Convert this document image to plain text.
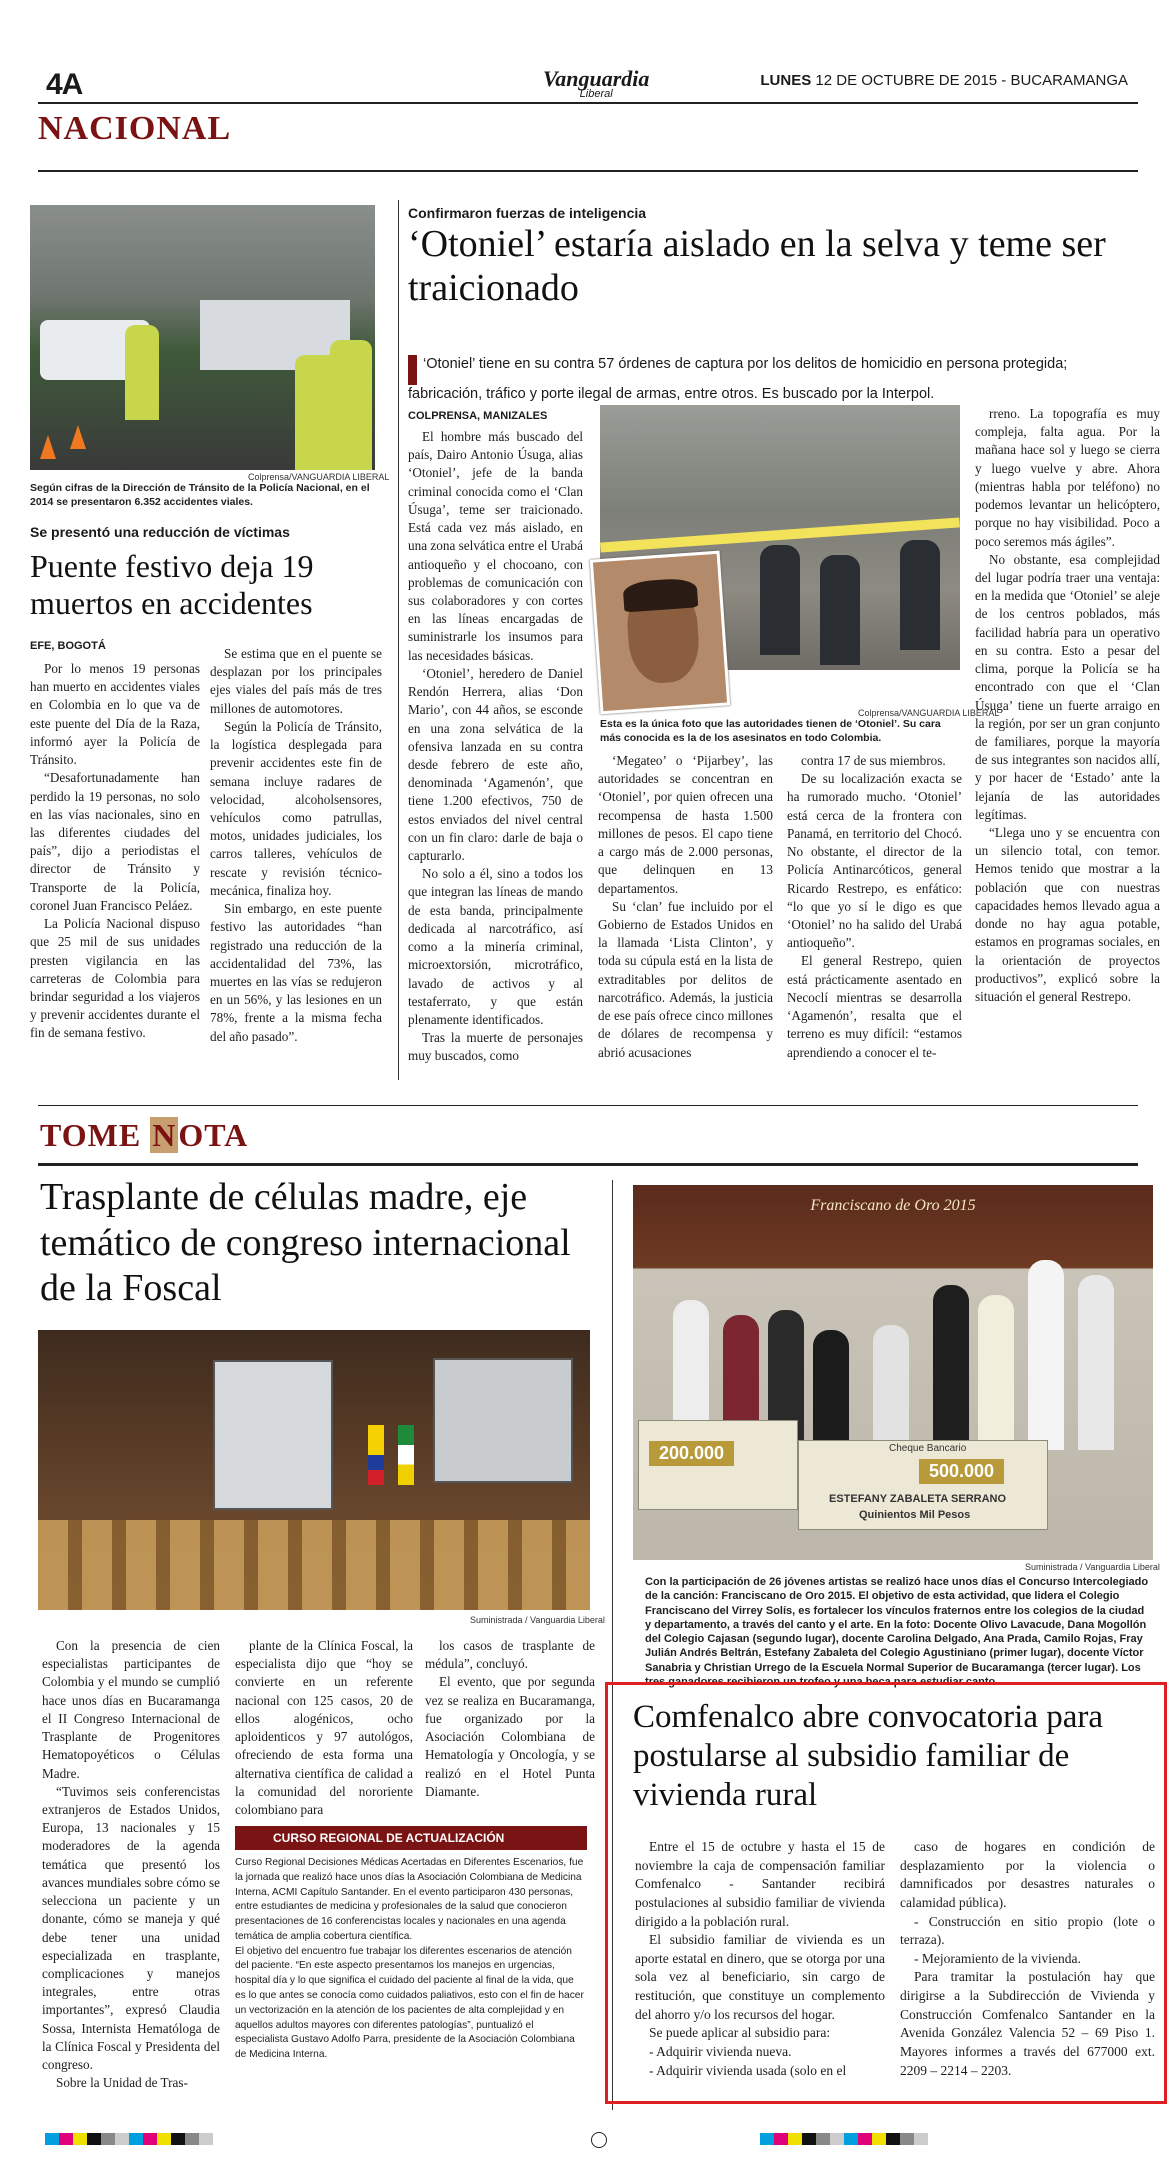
4A	Vanguardia
Liberal
LUNES 12 DE OCTUBRE DE 2015 - BUCARAMANGA
NACIONAL
Colprensa/VANGUARDIA LIBERAL
Según cifras de la Dirección de Tránsito de la Policía Nacional, en el 2014 se presentaron 6.352 accidentes viales.
Se presentó una reducción de víctimas
Puente festivo deja 19 muertos en accidentes
EFE, BOGOTÁ

Por lo menos 19 personas han muerto en accidentes viales en Colombia en lo que va de este puente del Día de la Raza, informó ayer la Policía de Tránsito.

“Desafortunadamente han perdido la 19 personas, no solo en las vías nacionales, sino en las diferentes ciudades del país”, dijo a periodistas el director de Tránsito y Transporte de la Policía, coronel Juan Francisco Peláez.

La Policía Nacional dispuso que 25 mil de sus unidades presten vigilancia en las carreteras de Colombia para brindar seguridad a los viajeros y prevenir accidentes durante el fin de semana festivo.

Se estima que en el puente se desplazan por los principales ejes viales del país más de tres millones de automotores.

Según la Policía de Tránsito, la logística desplegada para prevenir accidentes este fin de semana incluye radares de velocidad, alcoholsensores, vehículos como patrullas, motos, unidades judiciales, los carros talleres, vehículos de rescate y revisión técnico-mecánica, finaliza hoy.

Sin embargo, en este puente festivo las autoridades “han registrado una reducción de la accidentalidad del 73%, las muertes en las vías se redujeron en un 56%, y las lesiones en un 78%, frente a la misma fecha del año pasado”.

Confirmaron fuerzas de inteligencia
‘Otoniel’ estaría aislado en la selva y teme ser traicionado
‘Otoniel’ tiene en su contra 57 órdenes de captura por los delitos de homicidio en persona protegida; fabricación, tráfico y porte ilegal de armas, entre otros. Es buscado por la Interpol.
COLPRENSA, MANIZALES

El hombre más buscado del país, Dairo Antonio Úsuga, alias ‘Otoniel’, jefe de la banda criminal conocida como el ‘Clan Úsuga’, teme ser traicionado. Está cada vez más aislado, en una zona selvática entre el Urabá antioqueño y el chocoano, con problemas de comunicación con sus colaboradores y con cortes en las líneas encargadas de suministrarle los insumos para las necesidades básicas.

‘Otoniel’, heredero de Daniel Rendón Herrera, alias ‘Don Mario’, con 44 años, se esconde en una zona selvática de la ofensiva lanzada en su contra desde febrero de este año, denominada ‘Agamenón’, que tiene 1.200 efectivos, 750 de estos enviados del nivel central con un fin claro: darle de baja o capturarlo.

No solo a él, sino a todos los que integran las líneas de mando de esta banda, principalmente dedicada al narcotráfico, así como a la minería criminal, microextorsión, microtráfico, lavado de activos y al testaferrato, y que están plenamente identificados.

Tras la muerte de personajes muy buscados, como

Colprensa/VANGUARDIA LIBERAL
Esta es la única foto que las autoridades tienen de ‘Otoniel’. Su cara más conocida es la de los asesinatos en todo Colombia.

‘Megateo’ o ‘Pijarbey’, las autoridades se concentran en ‘Otoniel’, por quien ofrecen una recompensa de hasta 1.500 millones de pesos. El capo tiene a cargo más de 2.000 personas, que delinquen en 13 departamentos.

Su ‘clan’ fue incluido por el Gobierno de Estados Unidos en la llamada ‘Lista Clinton’, y toda su cúpula está en la lista de extraditables por delitos de narcotráfico. Además, la justicia de ese país ofrece cinco millones de dólares de recompensa y abrió acusaciones

contra 17 de sus miembros.

De su localización exacta se ha rumorado mucho. ‘Otoniel’ está cerca de la frontera con Panamá, en territorio del Chocó. No obstante, el director de la Policía Antinarcóticos, general Ricardo Restrepo, es enfático: “lo que yo sí le digo es que ‘Otoniel’ no ha salido del Urabá antioqueño”.

El general Restrepo, quien está prácticamente asentado en Necoclí mientras se desarrolla ‘Agamenón’, resalta que el terreno es muy difícil: “estamos aprendiendo a conocer el te-

rreno. La topografía es muy compleja, falta agua. Por la mañana hace sol y luego se cierra y luego vuelve y abre. Ahora (mientras habla por teléfono) no podemos levantar un helicóptero, porque no hay visibilidad. Poco a poco seremos más ágiles”.

No obstante, esa complejidad del lugar podría traer una ventaja: en la medida que ‘Otoniel’ se aleje de los centros poblados, más facilidad habría para un operativo en su contra. Esto a pesar del clima, porque la Policía se ha encontrado con que el ‘Clan Úsuga’ tiene un fuerte arraigo en la región, por ser un gran conjunto de familiares, porque la mayoría de sus integrantes son nacidos allí, y por hacer de ‘Estado’ ante la lejanía de las autoridades legítimas.

“Llega uno y se encuentra con un silencio total, con temor. Hemos tenido que mostrar a la población que con nuestras capacidades hemos llevado agua a donde no hay agua potable, estamos en programas sociales, en la orientación de proyectos productivos”, explicó sobre la situación el general Restrepo.

TOME NOTA
Trasplante de células madre, eje temático de congreso internacional de la Foscal
Suministrada / Vanguardia Liberal

Con la presencia de cien especialistas participantes de Colombia y el mundo se cumplió hace unos días en Bucaramanga el II Congreso Internacional de Trasplante de Progenitores Hematopoyéticos o Células Madre.

“Tuvimos seis conferencistas extranjeros de Estados Unidos, Europa, 13 nacionales y 15 moderadores de la agenda temática que presentó los avances mundiales sobre cómo se selecciona un paciente y un donante, cómo se maneja y qué debe tener una unidad especializada en trasplante, complicaciones y manejos integrales, entre otras importantes”, expresó Claudia Sossa, Internista Hematóloga de la Clínica Foscal y Presidenta del congreso.

Sobre la Unidad de Tras-

plante de la Clínica Foscal, la especialista dijo que “hoy se convierte en un referente nacional con 125 casos, 20 de ellos alogénicos, ocho aploidenticos y 97 autológos, ofreciendo de esta forma una alternativa científica de calidad a la comunidad del nororiente colombiano para

los casos de trasplante de médula”, concluyó.

El evento, que por segunda vez se realiza en Bucaramanga, fue organizado por la Asociación Colombiana de Hematología y Oncología, y se realizó en el Hotel Punta Diamante.

CURSO REGIONAL DE ACTUALIZACIÓN

Curso Regional Decisiones Médicas Acertadas en Diferentes Escenarios, fue la jornada que realizó hace unos días la Asociación Colombiana de Medicina Interna, ACMI Capítulo Santander. En el evento participaron 430 personas, entre estudiantes de medicina y profesionales de la salud que conocieron presentaciones de 16 conferencistas locales y nacionales en una agenda temática de amplia cobertura científica.

El objetivo del encuentro fue trabajar los diferentes escenarios de atención del paciente. “En este aspecto presentamos los manejos en urgencias, hospital día y lo que significa el cuidado del paciente al final de la vida, que es lo que antes se conocía como cuidados paliativos, esto con el fin de hacer un vectorización en la atención de los pacientes de alta complejidad y en aquellos adultos mayores con diferentes patologías”, puntualizó el especialista Gustavo Adolfo Parra, presidente de la Asociación Colombiana de Medicina Interna.

Franciscano de Oro 2015
200.000	Cheque Bancario
500.000
ESTEFANY ZABALETA SERRANO
Quinientos Mil Pesos
Suministrada / Vanguardia Liberal
Con la participación de 26 jóvenes artistas se realizó hace unos días el Concurso Intercolegiado de la canción: Franciscano de Oro 2015. El objetivo de esta actividad, que lidera el Colegio Franciscano del Virrey Solís, es fortalecer los vínculos fraternos entre los colegios de la ciudad y departamento, a través del canto y el arte. En la foto: Docente Olivo Lavacude, Dana Mogollón del Colegio Cajasan (segundo lugar), docente Carolina Delgado, Ana Prada, Camilo Rojas, Fray Julián Andrés Beltrán, Estefany Zabaleta del Colegio Agustiniano (primer lugar), docente Víctor Sanabria y Christian Urrego de la Escuela Normal Superior de Bucaramanga (tercer lugar). Los tres ganadores recibieron un trofeo y una beca para estudiar canto.
Comfenalco abre convocatoria para postularse al subsidio familiar de vivienda rural

Entre el 15 de octubre y hasta el 15 de noviembre la caja de compensación familiar Comfenalco - Santander recibirá postulaciones al subsidio familiar de vivienda dirigido a la población rural.

El subsidio familiar de vivienda es un aporte estatal en dinero, que se otorga por una sola vez al beneficiario, sin cargo de restitución, que constituye un complemento del ahorro y/o los recursos del hogar.

Se puede aplicar al subsidio para:

- Adquirir vivienda nueva.

- Adquirir vivienda usada (solo en el

caso de hogares en condición de desplazamiento por la violencia o damnificados por desastres naturales o calamidad pública).

- Construcción en sitio propio (lote o terraza).

- Mejoramiento de la vivienda.

Para tramitar la postulación hay que dirigirse a la Subdirección de Vivienda y Construcción Comfenalco Santander en la Avenida González Valencia 52 – 69 Piso 1. Mayores informes a través del 677000 ext. 2209 – 2214 – 2203.
